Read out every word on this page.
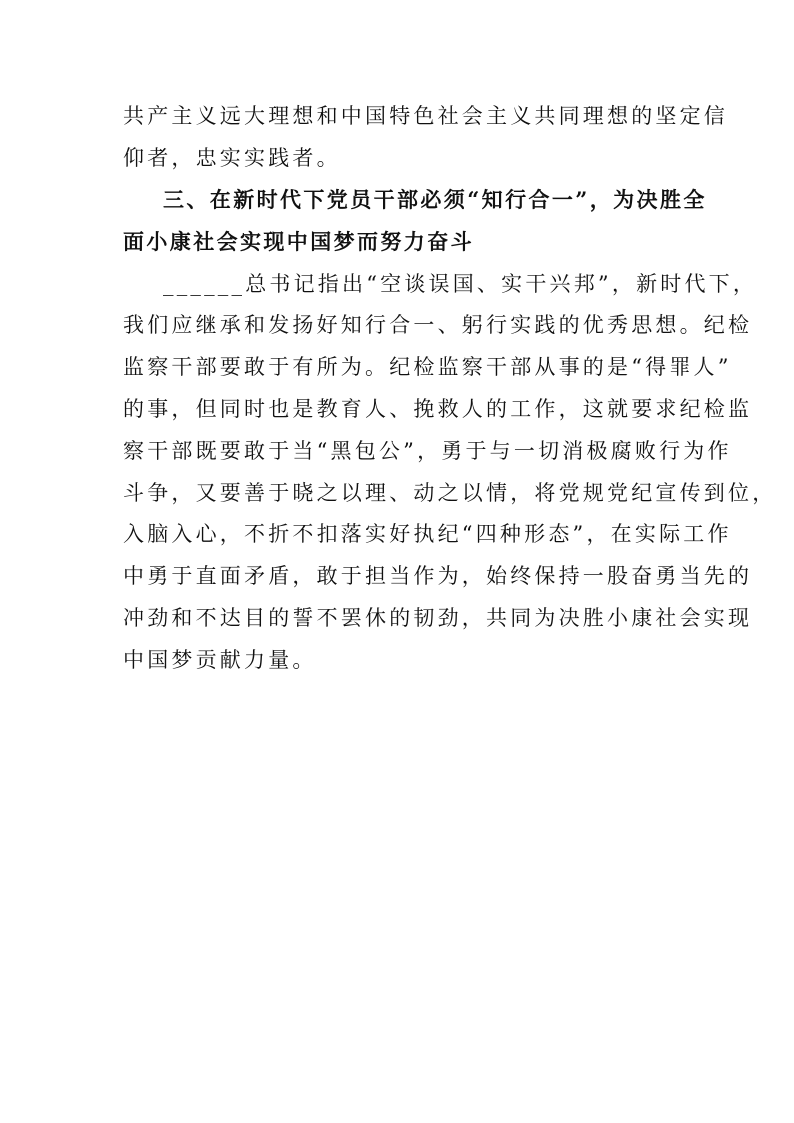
共产主义远大理想和中国特色社会主义共同理想的坚定信
仰者，忠实实践者。
三、在新时代下党员干部必须“知行合一”，为决胜全
面小康社会实现中国梦而努力奋斗
______总书记指出“空谈误国、实干兴邦”，新时代下，
我们应继承和发扬好知行合一、躬行实践的优秀思想。纪检
监察干部要敢于有所为。纪检监察干部从事的是“得罪人”
的事，但同时也是教育人、挽救人的工作，这就要求纪检监
察干部既要敢于当“黑包公”，勇于与一切消极腐败行为作
斗争，又要善于晓之以理、动之以情，将党规党纪宣传到位，
入脑入心，不折不扣落实好执纪“四种形态”，在实际工作
中勇于直面矛盾，敢于担当作为，始终保持一股奋勇当先的
冲劲和不达目的誓不罢休的韧劲，共同为决胜小康社会实现
中国梦贡献力量。
